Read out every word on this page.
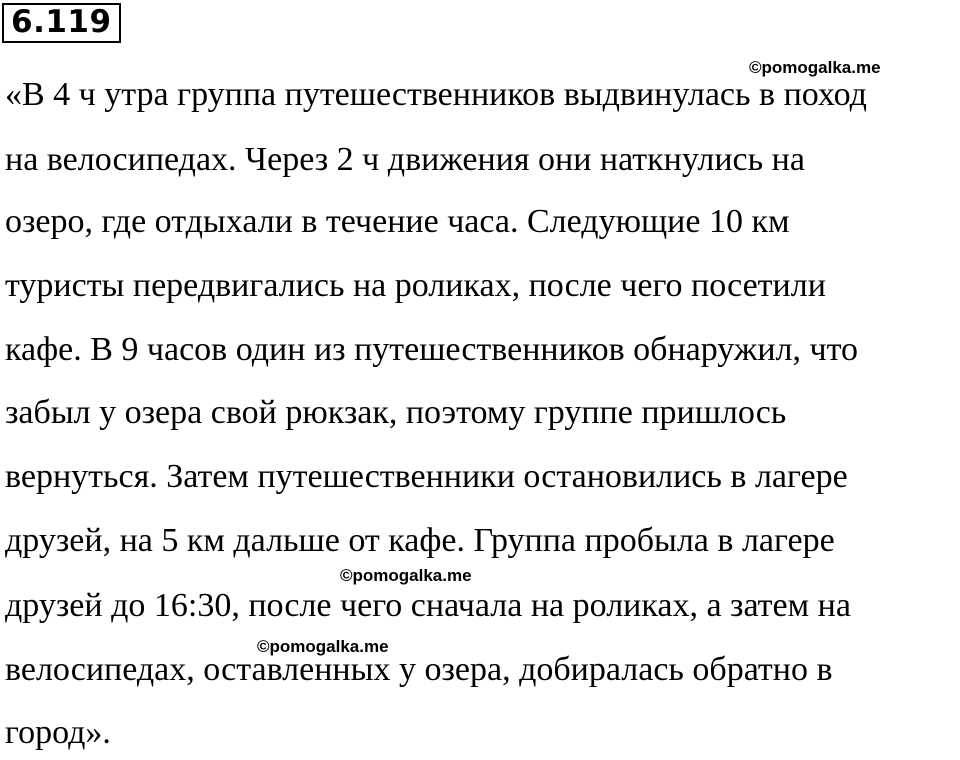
6.119
©pomogalka.me
«В 4 ч утра группа путешественников выдвинулась в поход
на велосипедах. Через 2 ч движения они наткнулись на
озеро, где отдыхали в течение часа. Следующие 10 км
туристы передвигались на роликах, после чего посетили
кафе. В 9 часов один из путешественников обнаружил, что
забыл у озера свой рюкзак, поэтому группе пришлось
вернуться. Затем путешественники остановились в лагере
друзей, на 5 км дальше от кафе. Группа пробыла в лагере
©pomogalka.me
друзей до 16:30, после чего сначала на роликах, а затем на
©pomogalka.me
велосипедах, оставленных у озера, добиралась обратно в
город».
